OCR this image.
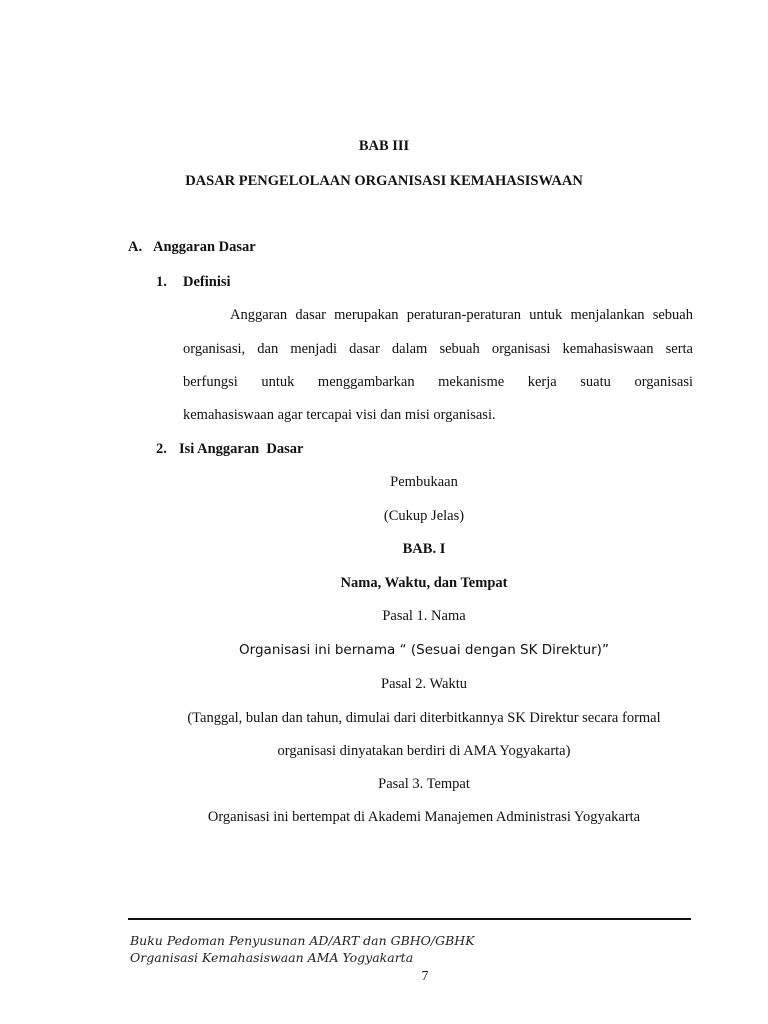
BAB III
DASAR PENGELOLAAN ORGANISASI KEMAHASISWAAN
A. Anggaran Dasar
1. Definisi
Anggaran dasar merupakan peraturan-peraturan untuk menjalankan sebuah
organisasi, dan menjadi dasar dalam sebuah organisasi kemahasiswaan serta
berfungsi untuk menggambarkan mekanisme kerja suatu organisasi
kemahasiswaan agar tercapai visi dan misi organisasi.
2. Isi Anggaran  Dasar
Pembukaan
(Cukup Jelas)
BAB. I
Nama, Waktu, dan Tempat
Pasal 1. Nama
Organisasi ini bernama “ (Sesuai dengan SK Direktur)”
Pasal 2. Waktu
(Tanggal, bulan dan tahun, dimulai dari diterbitkannya SK Direktur secara formal
organisasi dinyatakan berdiri di AMA Yogyakarta)
Pasal 3. Tempat
Organisasi ini bertempat di Akademi Manajemen Administrasi Yogyakarta
Buku Pedoman Penyusunan AD/ART dan GBHO/GBHK
Organisasi Kemahasiswaan AMA Yogyakarta
7
